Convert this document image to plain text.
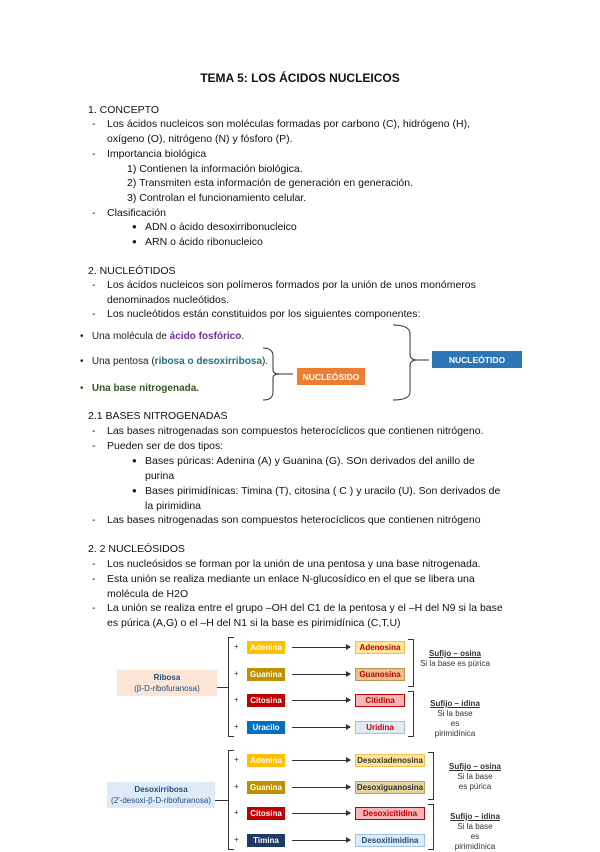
TEMA 5: LOS ÁCIDOS NUCLEICOS
1. CONCEPTO
- Los ácidos nucleicos son moléculas formadas por carbono (C), hidrógeno (H),
oxígeno (O), nitrógeno (N) y fósforo (P).
- Importancia biológica
1) Contienen la información biológica.
2) Transmiten esta información de generación en generación.
3) Controlan el funcionamiento celular.
- Clasificación
● ADN o ácido desoxirribonucleico
● ARN o ácido ribonucleico
2. NUCLEÓTIDOS
- Los ácidos nucleicos son polímeros formados por la unión de unos monómeros
denominados nucleótidos.
- Los nucleótidos están constituidos por los siguientes componentes:
•   Una molécula de ácido fosfórico.
•   Una pentosa (ribosa o desoxirribosa).
•   Una base nitrogenada.
NUCLEÓSIDO
NUCLEÓTIDO
2.1 BASES NITROGENADAS
- Las bases nitrogenadas son compuestos heterocíclicos que contienen nitrógeno.
- Pueden ser de dos tipos:
● Bases púricas: Adenina (A) y Guanina (G). SOn derivados del anillo de
purina
● Bases pirimidínicas: Timina (T), citosina ( C ) y uracilo (U). Son derivados de
la pirimidina
- Las bases nitrogenadas son compuestos heterocíclicos que contienen nitrógeno
2. 2 NUCLEÓSIDOS
- Los nucleósidos se forman por la unión de una pentosa y una base nitrogenada.
- Esta unión se realiza mediante un enlace N-glucosídico en el que se libera una
molécula de H2O
- La unión se realiza entre el grupo –OH del C1 de la pentosa y el –H del N9 si la base
es púrica (A,G) o el –H del N1 si la base es pirimidínica (C,T,U)
Ribosa
(β-D-ribofuranosa)
+	Adenina	Adenosina
+	Guanina	Guanosina
+	Citosina	Citidina
+	Uracilo	Uridina
Sufijo – osina
Si la base es púrica
Sufijo – idina
Si la base es pirimidínica
Desoxirribosa
(2'-desoxi-β-D-ribofuranosa)
+	Adenina	Desoxiadenosina
+	Guanina	Desoxiguanosina
+	Citosina	Desoxicitidina
+	Timina	Desoxitimidina
Sufijo – osina
Si la base es púrica
Sufijo – idina
Si la base es pirimidínica
